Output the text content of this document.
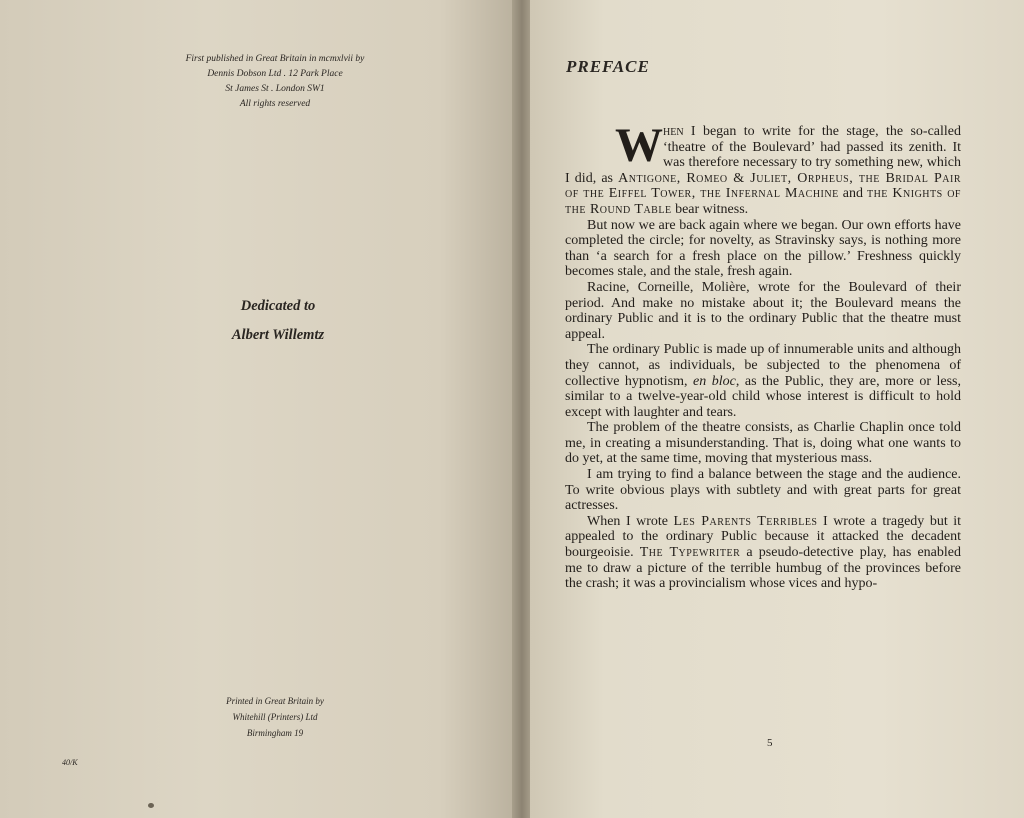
First published in Great Britain in mcmxlvii by
Dennis Dobson Ltd . 12 Park Place
St James St . London SW1
All rights reserved
Dedicated to
Albert Willemtz
Printed in Great Britain by
Whitehill (Printers) Ltd
Birmingham 19
40/K
PREFACE

When I began to write for the stage, the so-called ‘theatre of the Boulevard’ had passed its zenith. It was therefore necessary to try something new, which I did, as Antigone, Romeo & Juliet, Orpheus, the Bridal Pair of the Eiffel Tower, the Infernal Machine and the Knights of the Round Table bear witness.

But now we are back again where we began. Our own efforts have completed the circle; for novelty, as Stravinsky says, is nothing more than ‘a search for a fresh place on the pillow.’ Freshness quickly becomes stale, and the stale, fresh again.

Racine, Corneille, Molière, wrote for the Boulevard of their period. And make no mistake about it; the Boulevard means the ordinary Public and it is to the ordinary Public that the theatre must appeal.

The ordinary Public is made up of innumerable units and although they cannot, as individuals, be subjected to the phenomena of collective hypnotism, en bloc, as the Public, they are, more or less, similar to a twelve-year-old child whose interest is difficult to hold except with laughter and tears.

The problem of the theatre consists, as Charlie Chaplin once told me, in creating a misunderstanding. That is, doing what one wants to do yet, at the same time, moving that mysterious mass.

I am trying to find a balance between the stage and the audience. To write obvious plays with subtlety and with great parts for great actresses.

When I wrote Les Parents Terribles I wrote a tragedy but it appealed to the ordinary Public because it attacked the decadent bourgeoisie. The Typewriter a pseudo-detective play, has enabled me to draw a picture of the terrible humbug of the provinces before the crash; it was a provincialism whose vices and hypo-

5
